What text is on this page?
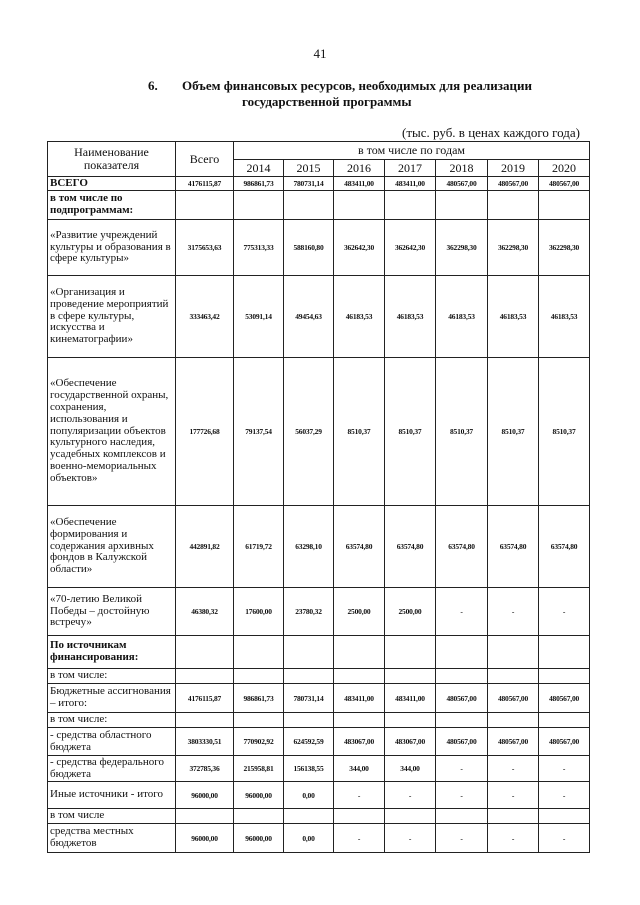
41
6. Объем финансовых ресурсов, необходимых для реализации
государственной программы
(тыс. руб. в ценах каждого года)
Наименование показателя	Всего	в том числе по годам						
		2014	2015	2016	2017	2018	2019	2020
ВСЕГО	4176115,87	986861,73	780731,14	483411,00	483411,00	480567,00	480567,00	480567,00
в том числе по подпрограммам:								
«Развитие учреждений культуры и образования в сфере культуры»	3175653,63	775313,33	588160,80	362642,30	362642,30	362298,30	362298,30	362298,30
«Организация и проведение мероприятий в сфере культуры, искусства и кинематографии»	333463,42	53091,14	49454,63	46183,53	46183,53	46183,53	46183,53	46183,53
«Обеспечение государственной охраны, сохранения, использования и популяризации объектов культурного наследия, усадебных комплексов и военно-мемориальных объектов»	177726,68	79137,54	56037,29	8510,37	8510,37	8510,37	8510,37	8510,37
«Обеспечение формирования и содержания архивных фондов в Калужской области»	442891,82	61719,72	63298,10	63574,80	63574,80	63574,80	63574,80	63574,80
«70-летию Великой Победы – достойную встречу»	46380,32	17600,00	23780,32	2500,00	2500,00	-	-	-
По источникам финансирования:								
в том числе:								
Бюджетные ассигнования – итого:	4176115,87	986861,73	780731,14	483411,00	483411,00	480567,00	480567,00	480567,00
в том числе:								
- средства областного бюджета	3803330,51	770902,92	624592,59	483067,00	483067,00	480567,00	480567,00	480567,00
- средства федерального бюджета	372785,36	215958,81	156138,55	344,00	344,00	-	-	-
Иные источники - итого	96000,00	96000,00	0,00	-	-	-	-	-
в том числе								
средства местных бюджетов	96000,00	96000,00	0,00	-	-	-	-	-
